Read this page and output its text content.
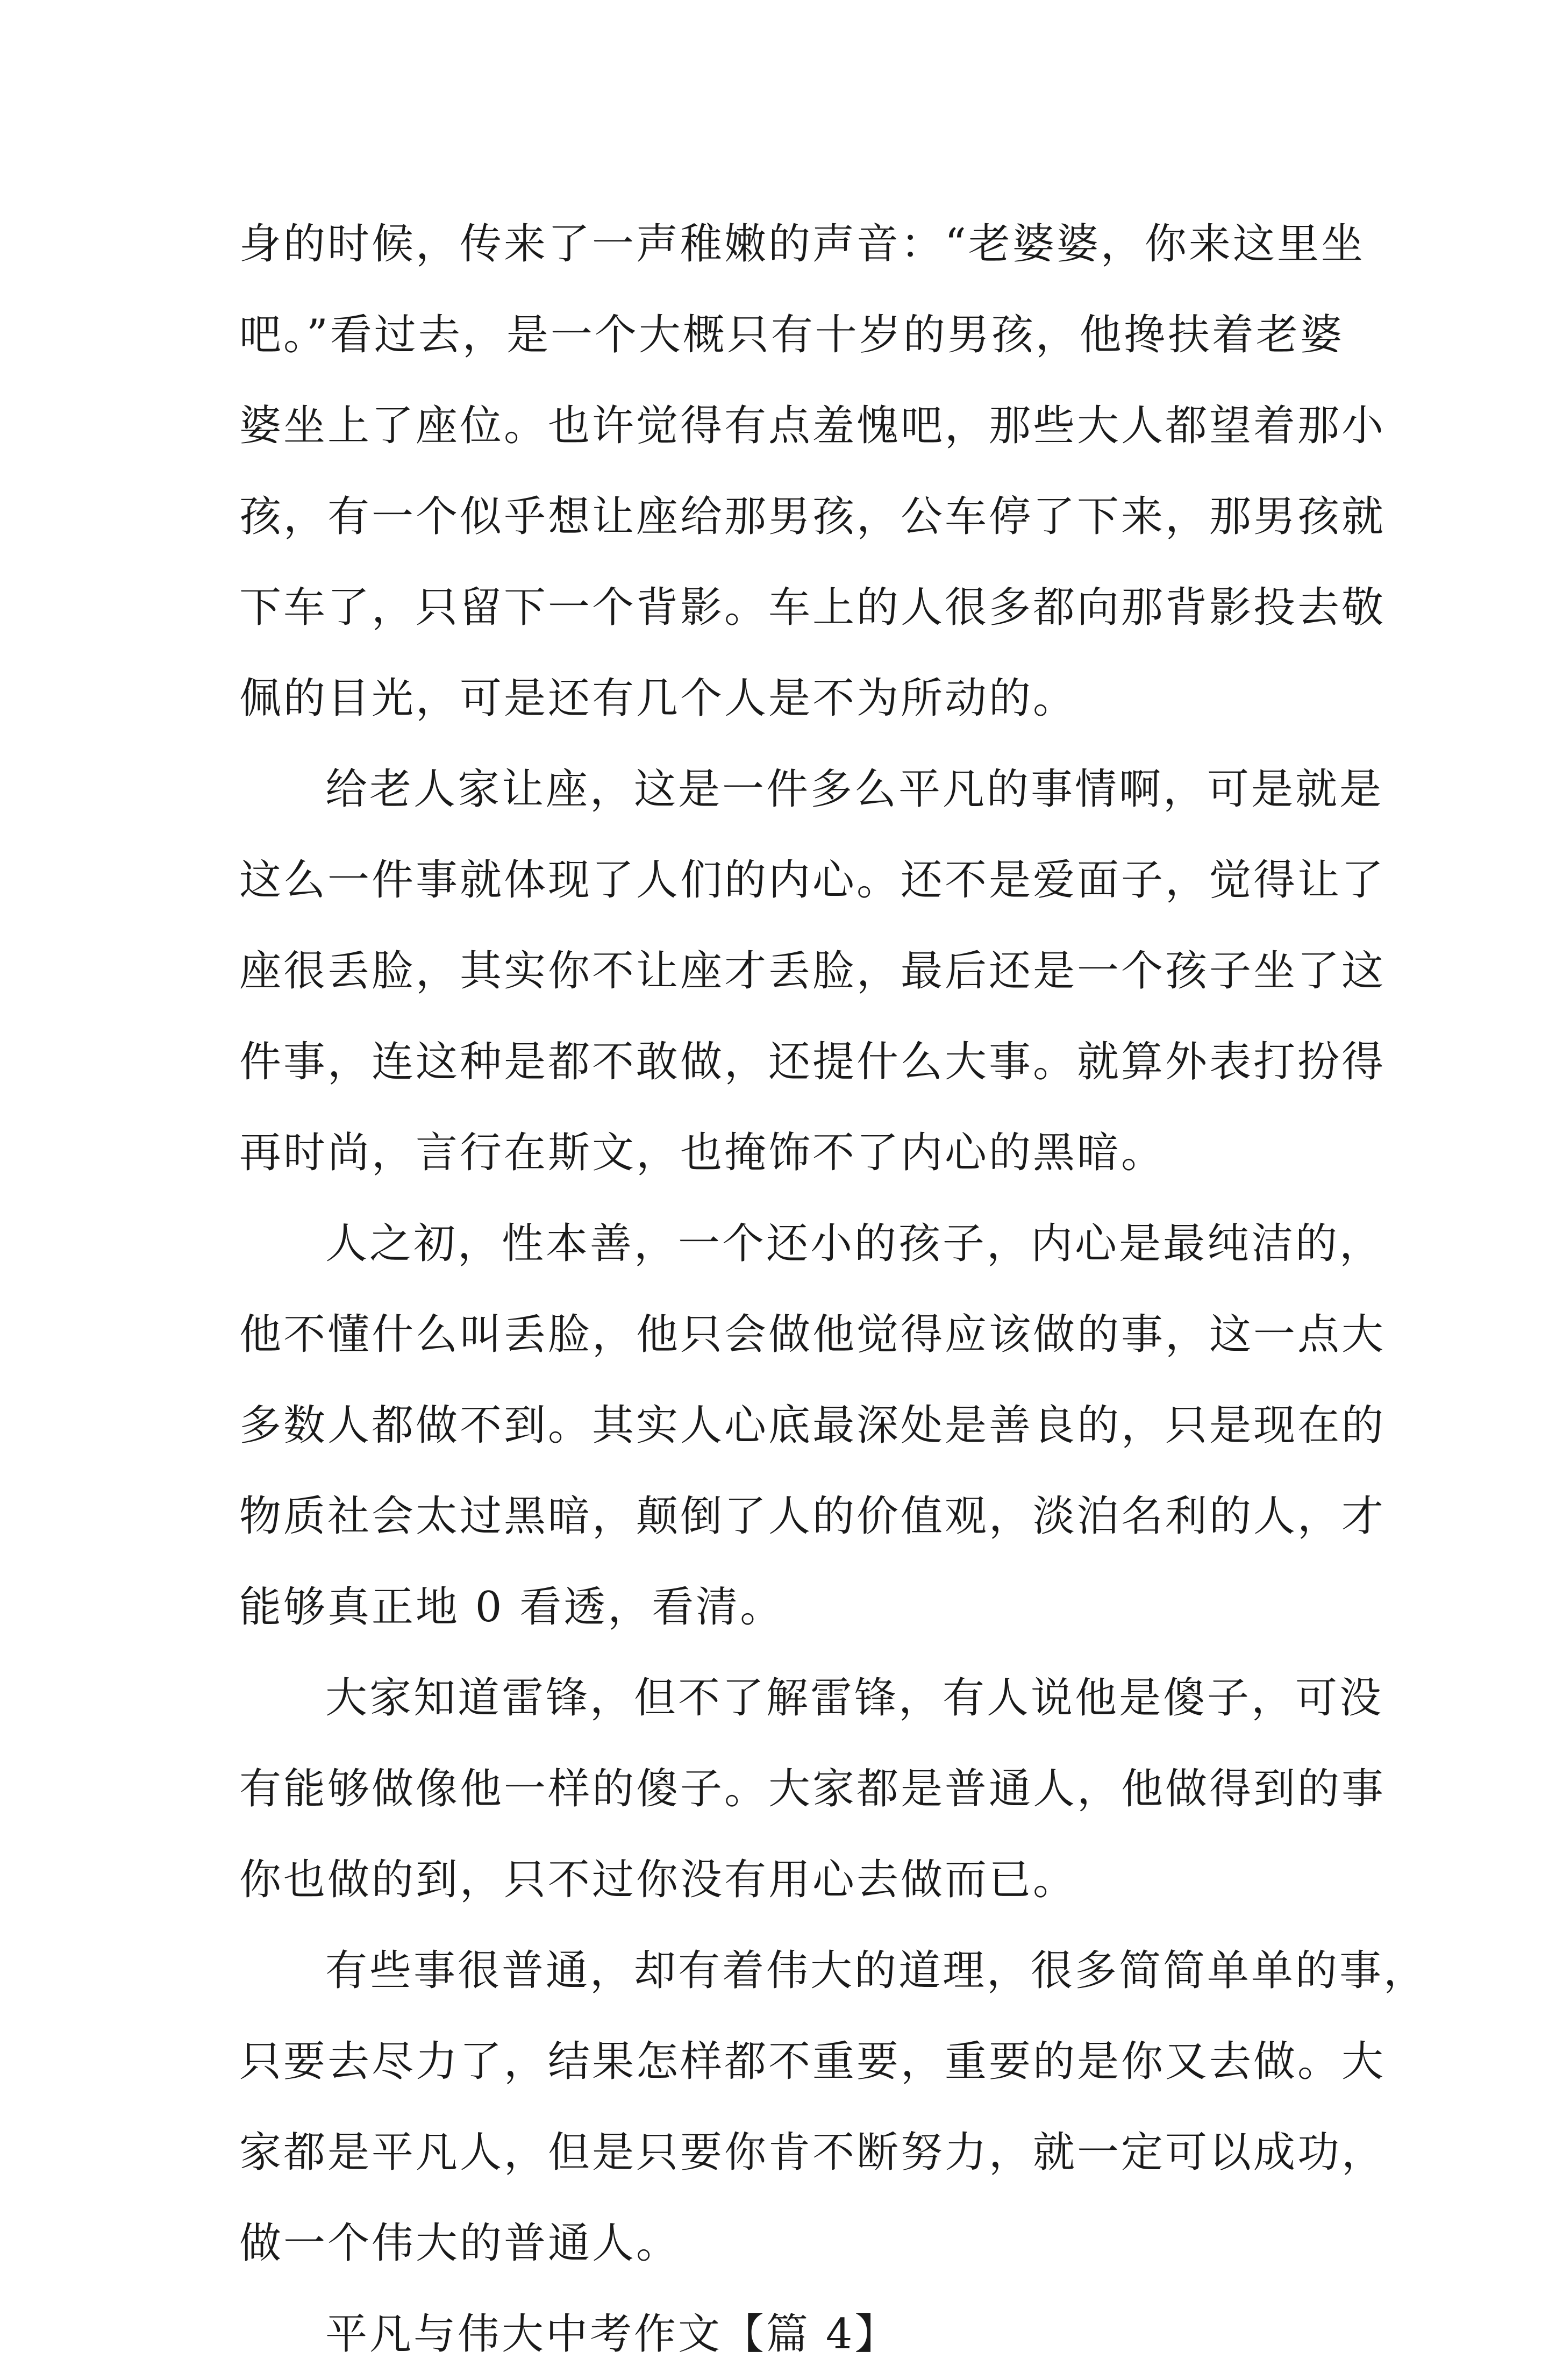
身的时候，传来了一声稚嫩的声音：“老婆婆，你来这里坐
吧。”看过去，是一个大概只有十岁的男孩，他搀扶着老婆
婆坐上了座位。也许觉得有点羞愧吧，那些大人都望着那小
孩，有一个似乎想让座给那男孩，公车停了下来，那男孩就
下车了，只留下一个背影。车上的人很多都向那背影投去敬
佩的目光，可是还有几个人是不为所动的。
给老人家让座，这是一件多么平凡的事情啊，可是就是
这么一件事就体现了人们的内心。还不是爱面子，觉得让了
座很丢脸，其实你不让座才丢脸，最后还是一个孩子坐了这
件事，连这种是都不敢做，还提什么大事。就算外表打扮得
再时尚，言行在斯文，也掩饰不了内心的黑暗。
人之初，性本善，一个还小的孩子，内心是最纯洁的，
他不懂什么叫丢脸，他只会做他觉得应该做的事，这一点大
多数人都做不到。其实人心底最深处是善良的，只是现在的
物质社会太过黑暗，颠倒了人的价值观，淡泊名利的人，才
能够真正地 0 看透，看清。
大家知道雷锋，但不了解雷锋，有人说他是傻子，可没
有能够做像他一样的傻子。大家都是普通人，他做得到的事
你也做的到，只不过你没有用心去做而已。
有些事很普通，却有着伟大的道理，很多简简单单的事，
只要去尽力了，结果怎样都不重要，重要的是你又去做。大
家都是平凡人，但是只要你肯不断努力，就一定可以成功，
做一个伟大的普通人。
平凡与伟大中考作文【篇 4】
